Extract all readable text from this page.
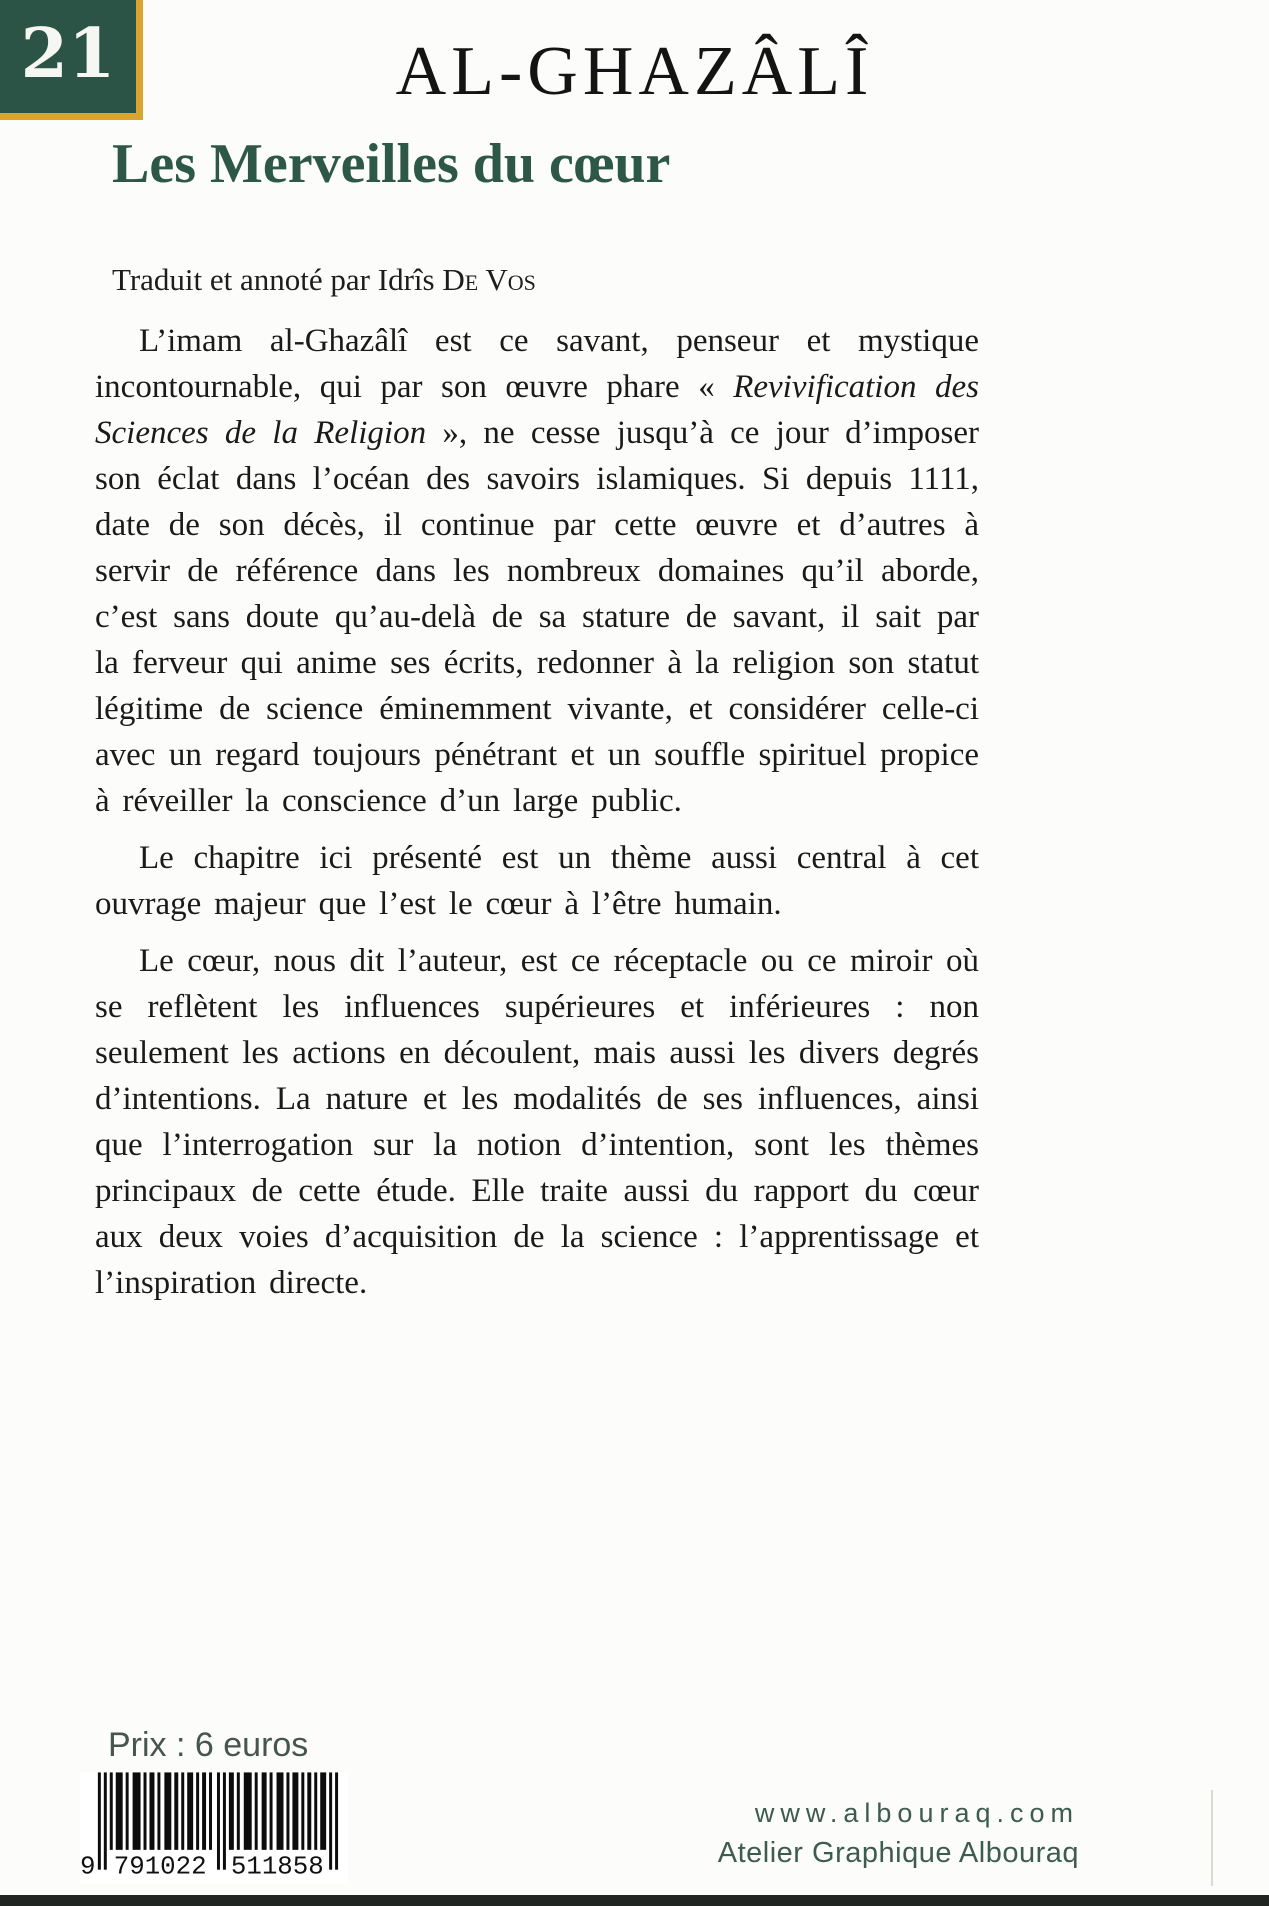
21	AL-GHAZÂLÎ
Les Merveilles du cœur
Traduit et annoté par Idrîs De Vos

L’imam al-Ghazâlî est ce savant, penseur et mystique incontournable, qui par son œuvre phare « Revivification des Sciences de la Religion », ne cesse jusqu’à ce jour d’imposer son éclat dans l’océan des savoirs islamiques. Si depuis 1111, date de son décès, il continue par cette œuvre et d’autres à servir de référence dans les nombreux domaines qu’il aborde, c’est sans doute qu’au-delà de sa stature de savant, il sait par la ferveur qui anime ses écrits, redonner à la religion son statut légitime de science éminemment vivante, et considérer celle-ci avec un regard toujours pénétrant et un souffle spirituel propice à réveiller la conscience d’un large public.

Le chapitre ici présenté est un thème aussi central à cet ouvrage majeur que l’est le cœur à l’être humain.

Le cœur, nous dit l’auteur, est ce réceptacle ou ce miroir où se reflètent les influences supérieures et inférieures : non seulement les actions en découlent, mais aussi les divers degrés d’intentions. La nature et les modalités de ses influences, ainsi que l’interrogation sur la notion d’intention, sont les thèmes principaux de cette étude. Elle traite aussi du rapport du cœur aux deux voies d’acquisition de la science : l’apprentissage et l’inspiration directe.

Prix : 6 euros
9 791022 511858
www.albouraq.com
Atelier Graphique Albouraq
